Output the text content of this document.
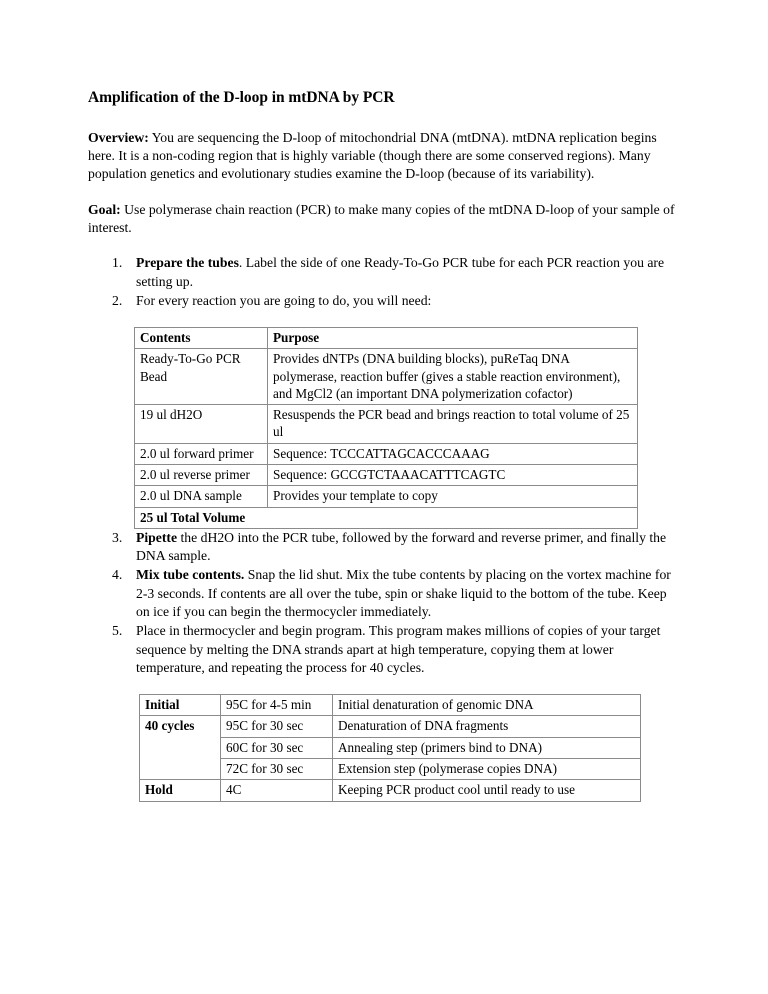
Amplification of the D-loop in mtDNA by PCR

Overview: You are sequencing the D-loop of mitochondrial DNA (mtDNA). mtDNA replication begins here. It is a non-coding region that is highly variable (though there are some conserved regions). Many population genetics and evolutionary studies examine the D-loop (because of its variability).

Goal: Use polymerase chain reaction (PCR) to make many copies of the mtDNA D-loop of your sample of interest.

Prepare the tubes. Label the side of one Ready-To-Go PCR tube for each PCR reaction you are setting up.
For every reaction you are going to do, you will need:
Contents	Purpose
Ready-To-Go PCR Bead	Provides dNTPs (DNA building blocks), puReTaq DNA polymerase, reaction buffer (gives a stable reaction environment), and MgCl2 (an important DNA polymerization cofactor)
19 ul dH2O	Resuspends the PCR bead and brings reaction to total volume of 25 ul
2.0 ul forward primer	Sequence: TCCCATTAGCACCCAAAG
2.0 ul reverse primer	Sequence: GCCGTCTAAACATTTCAGTC
2.0 ul DNA sample	Provides your template to copy
25 ul Total Volume	
Pipette the dH2O into the PCR tube, followed by the forward and reverse primer, and finally the DNA sample.
Mix tube contents. Snap the lid shut. Mix the tube contents by placing on the vortex machine for 2-3 seconds. If contents are all over the tube, spin or shake liquid to the bottom of the tube. Keep on ice if you can begin the thermocycler immediately.
Place in thermocycler and begin program. This program makes millions of copies of your target sequence by melting the DNA strands apart at high temperature, copying them at lower temperature, and repeating the process for 40 cycles.
Initial	95C for 4-5 min	Initial denaturation of genomic DNA
40 cycles	95C for 30 sec	Denaturation of DNA fragments
	60C for 30 sec	Annealing step (primers bind to DNA)
	72C for 30 sec	Extension step (polymerase copies DNA)
Hold	4C	Keeping PCR product cool until ready to use
